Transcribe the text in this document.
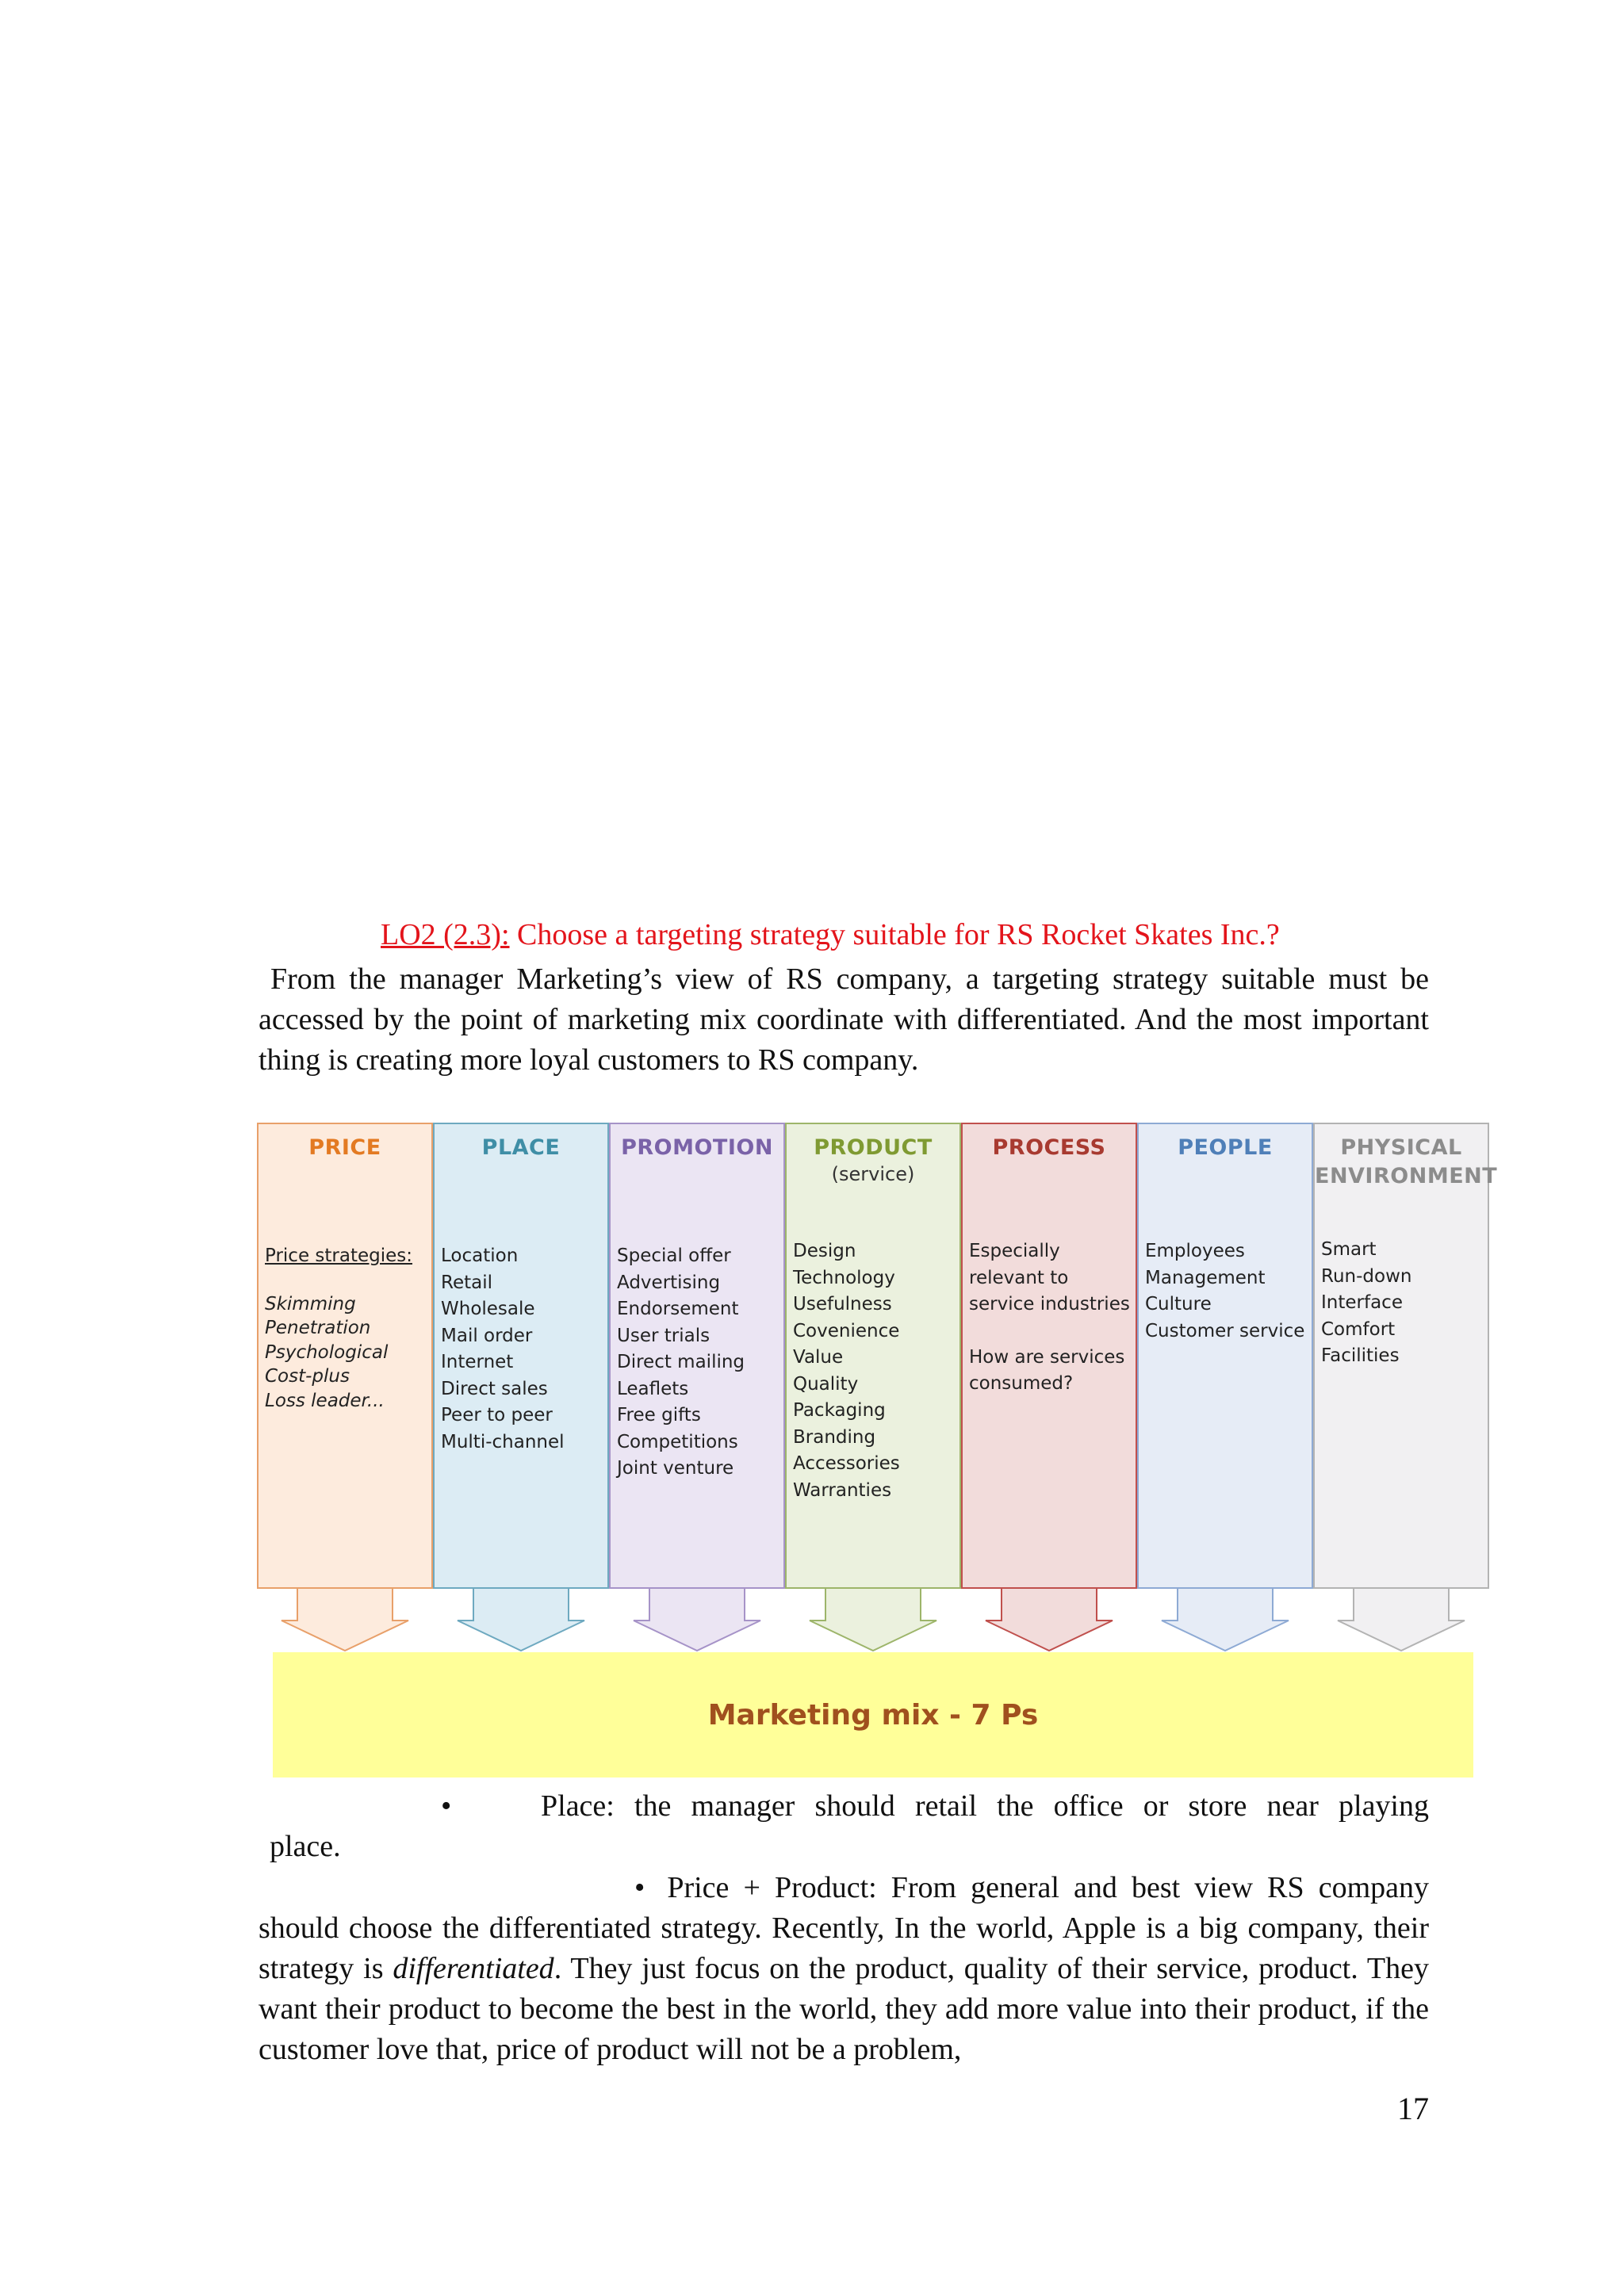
LO2 (2.3): Choose a targeting strategy suitable for RS Rocket Skates Inc.?

From the manager Marketing’s view of RS company, a targeting strategy suitable must be accessed by the point of marketing mix coordinate with differentiated. And the most important thing is creating more loyal customers to RS company.

PRICE
Price strategies:
Skimming
Penetration
Psychological
Cost-plus
Loss leader...
PLACE
Location
Retail
Wholesale
Mail order
Internet
Direct sales
Peer to peer
Multi-channel
PROMOTION
Special offer
Advertising
Endorsement
User trials
Direct mailing
Leaflets
Free gifts
Competitions
Joint venture
PRODUCT
(service)
Design
Technology
Usefulness
Covenience
Value
Quality
Packaging
Branding
Accessories
Warranties
PROCESS
Especially
relevant to
service industries
How are services
consumed?
PEOPLE
Employees
Management
Culture
Customer service
PHYSICAL
ENVIRONMENT
Smart
Run-down
Interface
Comfort
Facilities
Marketing mix - 7 Ps
•	Place: the manager should retail the office or store near playing
place.

• Price + Product: From general and best view RS company should choose the differentiated strategy. Recently, In the world, Apple is a big company, their strategy is differentiated. They just focus on the product, quality of their service, product. They want their product to become the best in the world, they add more value into their product, if the customer love that, price of product will not be a problem,

17
